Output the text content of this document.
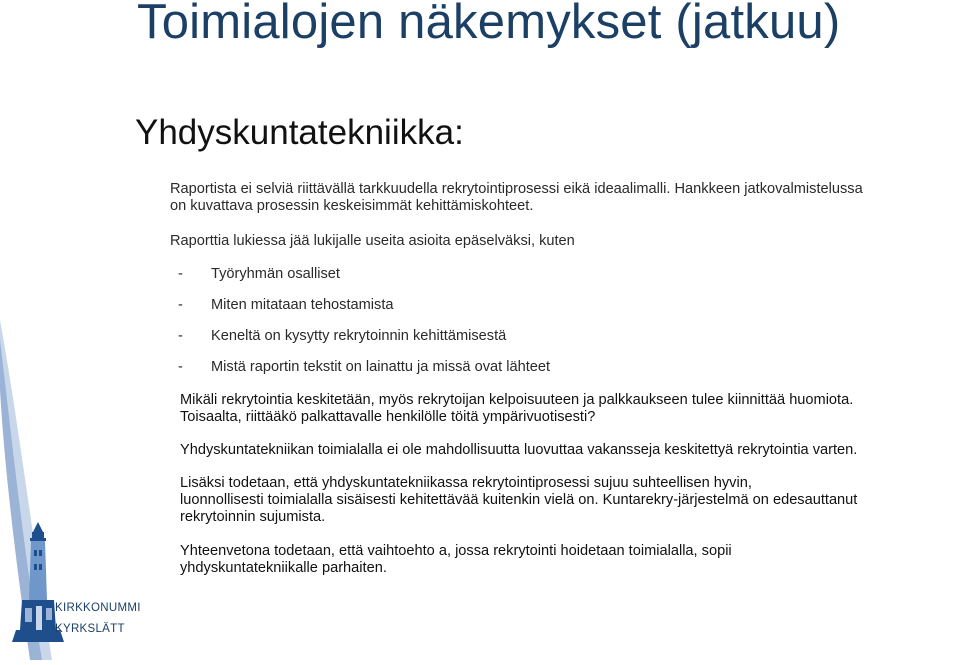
Toimialojen näkemykset (jatkuu)
Yhdyskuntatekniikka:
Raportista ei selviä riittävällä tarkkuudella rekrytointiprosessi eikä ideaalimalli. Hankkeen jatkovalmistelussa
on kuvattava prosessin keskeisimmät kehittämiskohteet.

Raporttia lukiessa jää lukijalle useita asioita epäselväksi, kuten

- Työryhmän osalliset
- Miten mitataan tehostamista
- Keneltä on kysytty rekrytoinnin kehittämisestä
- Mistä raportin tekstit on lainattu ja missä ovat lähteet
Mikäli rekrytointia keskitetään, myös rekrytoijan kelpoisuuteen ja palkkaukseen tulee kiinnittää huomiota.
Toisaalta, riittääkö palkattavalle henkilölle töitä ympärivuotisesti?
Yhdyskuntatekniikan toimialalla ei ole mahdollisuutta luovuttaa vakansseja keskitettyä rekrytointia varten.
Lisäksi todetaan, että yhdyskuntatekniikassa rekrytointiprosessi sujuu suhteellisen hyvin,
luonnollisesti toimialalla sisäisesti kehitettävää kuitenkin vielä on. Kuntarekry-järjestelmä on edesauttanut
rekrytoinnin sujumista.
Yhteenvetona todetaan, että vaihtoehto a, jossa rekrytointi hoidetaan toimialalla, sopii
yhdyskuntatekniikalle parhaiten.
KIRKKONUMMI
KYRKSLÄTT
